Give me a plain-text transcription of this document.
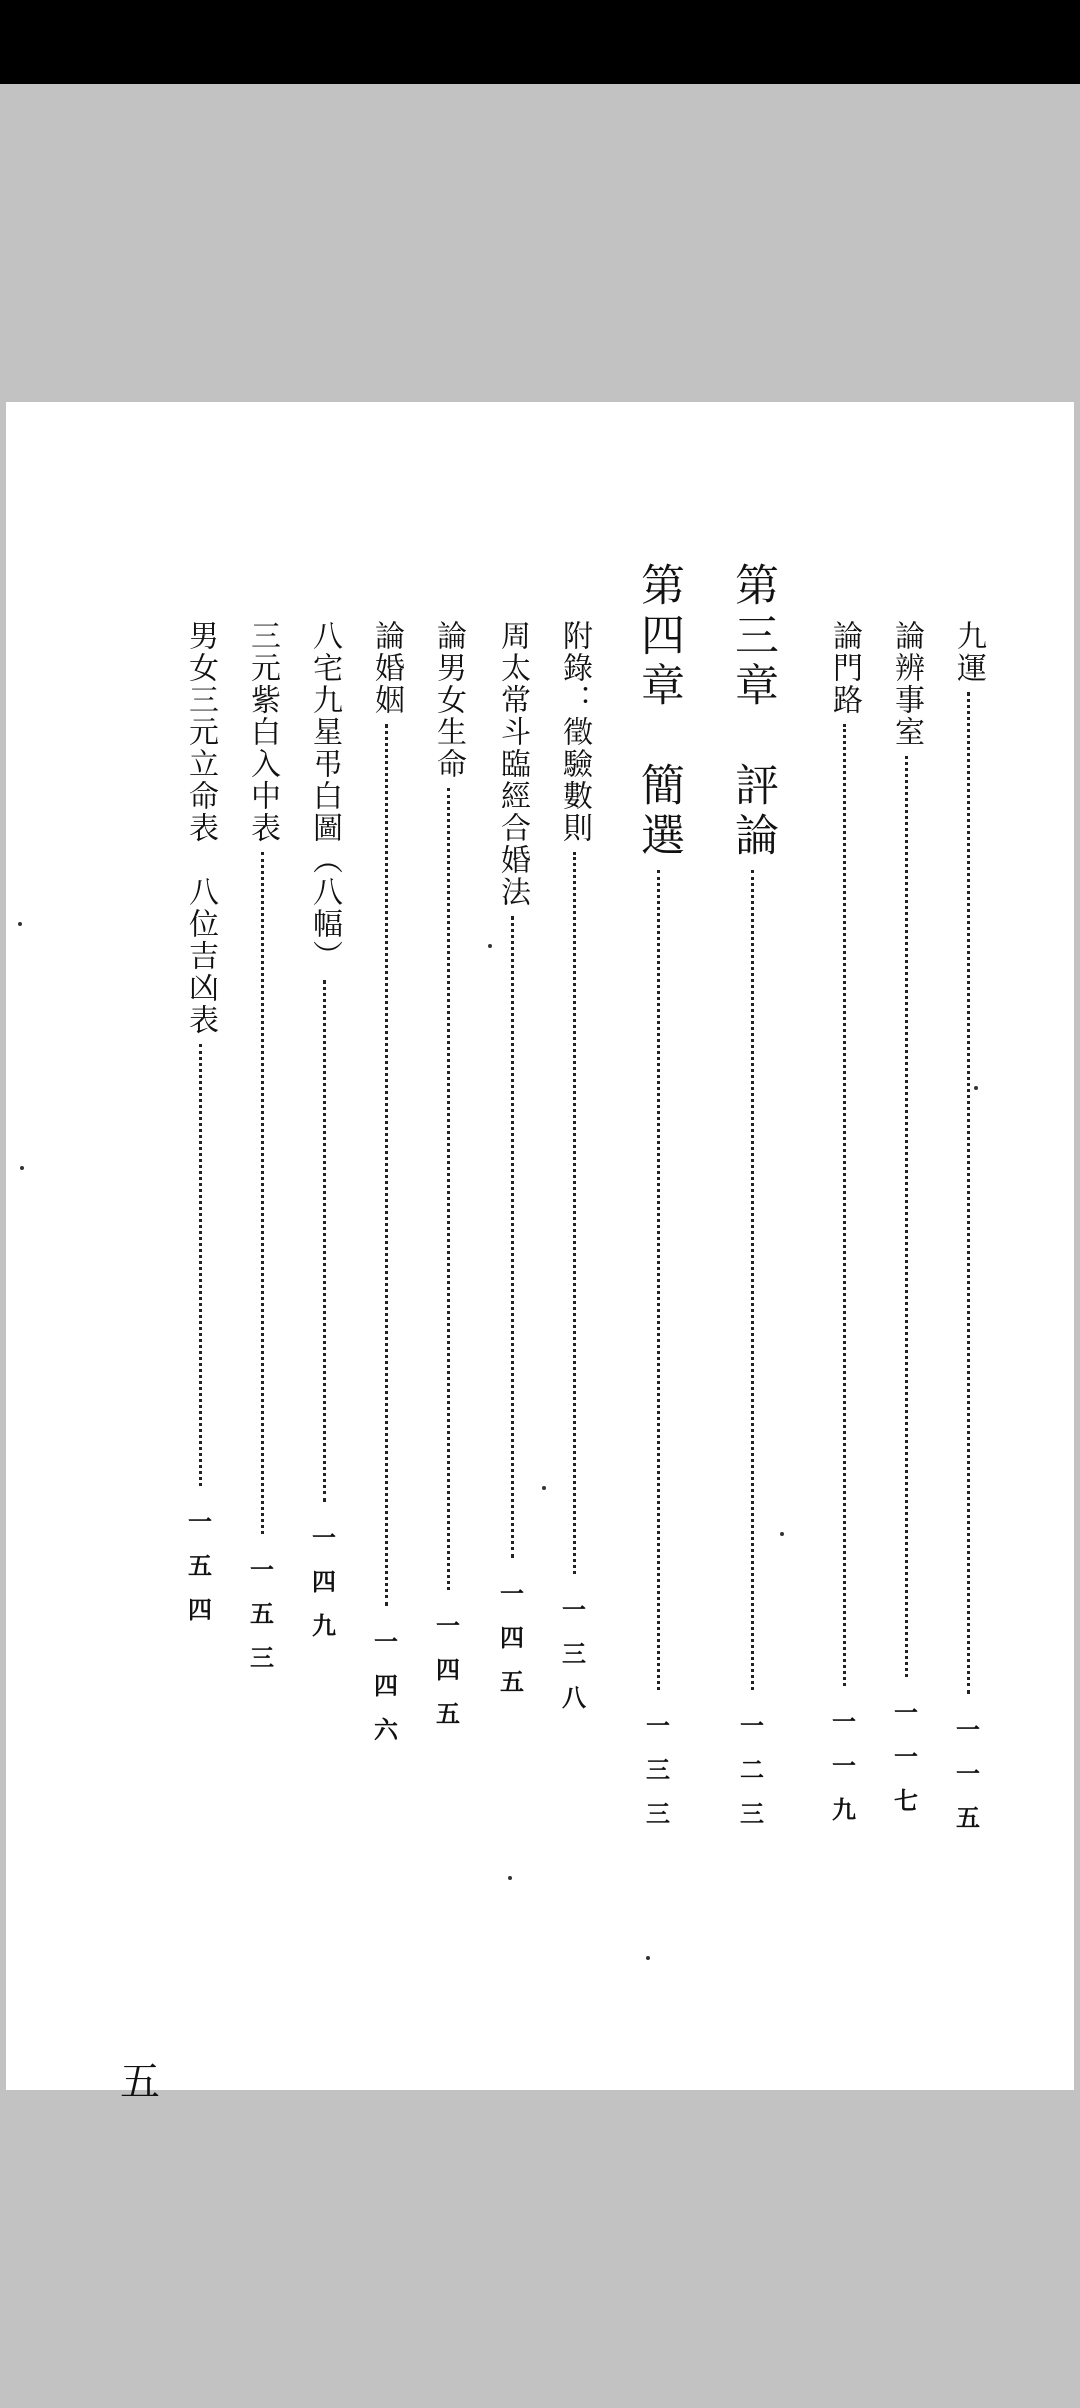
九運
一
一
五
論辨事室
一
一
七
論門路
一
一
九
第三章　評論
一
二
三
第四章　簡選
一
三
三
附錄：徵驗數則
一
三
八
周太常斗臨經合婚法
一
四
五
論男女生命
一
四
五
論婚姻
一
四
六
八宅九星弔白圖（八幅）
一
四
九
三元紫白入中表
一
五
三
男女三元立命表　八位吉凶表
一
五
四
五
